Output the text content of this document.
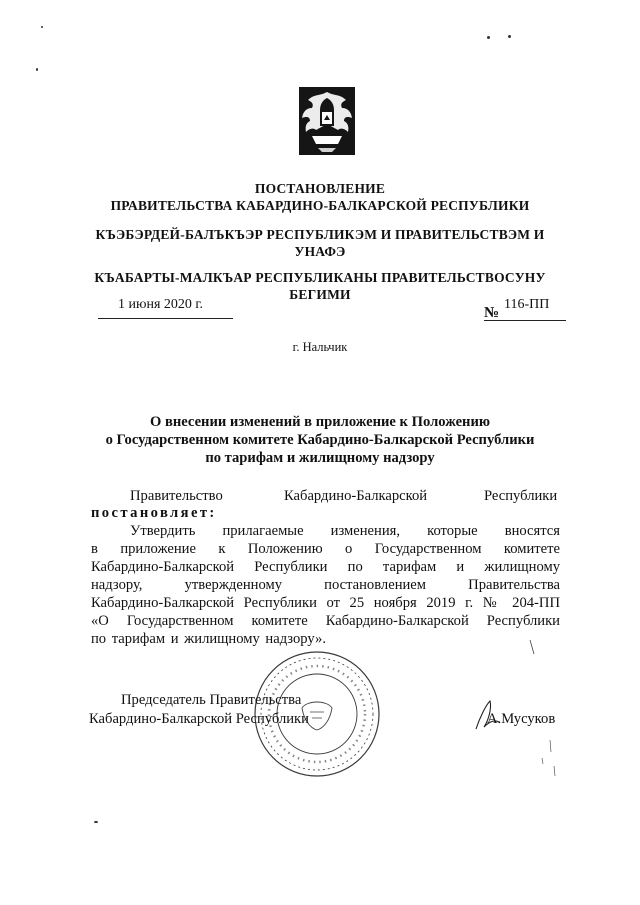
ПОСТАНОВЛЕНИЕ
ПРАВИТЕЛЬСТВА КАБАРДИНО-БАЛКАРСКОЙ РЕСПУБЛИКИ
КЪЭБЭРДЕЙ-БАЛЪКЪЭР РЕСПУБЛИКЭМ И ПРАВИТЕЛЬСТВЭМ И
УНАФЭ
КЪАБАРТЫ-МАЛКЪАР РЕСПУБЛИКАНЫ ПРАВИТЕЛЬСТВОСУНУ
БЕГИМИ
1 июня 2020 г.
№
116-ПП
г. Нальчик
О внесении изменений в приложение к Положению
о Государственном комитете Кабардино-Балкарской Республики
по тарифам и жилищному надзору
Правительство	Кабардино-Балкарской	Республики
постановляет:
Утвердить прилагаемые изменения, которые вносятся
в приложение к Положению о Государственном комитете
Кабардино-Балкарской Республики по тарифам и жилищному
надзору, утвержденному постановлением Правительства
Кабардино-Балкарской Республики от 25 ноября 2019 г. № 204-ПП
«О Государственном комитете Кабардино-Балкарской Республики
по тарифам и жилищному надзору».
Председатель Правительства
Кабардино-Балкарской Республики	А.Мусуков
